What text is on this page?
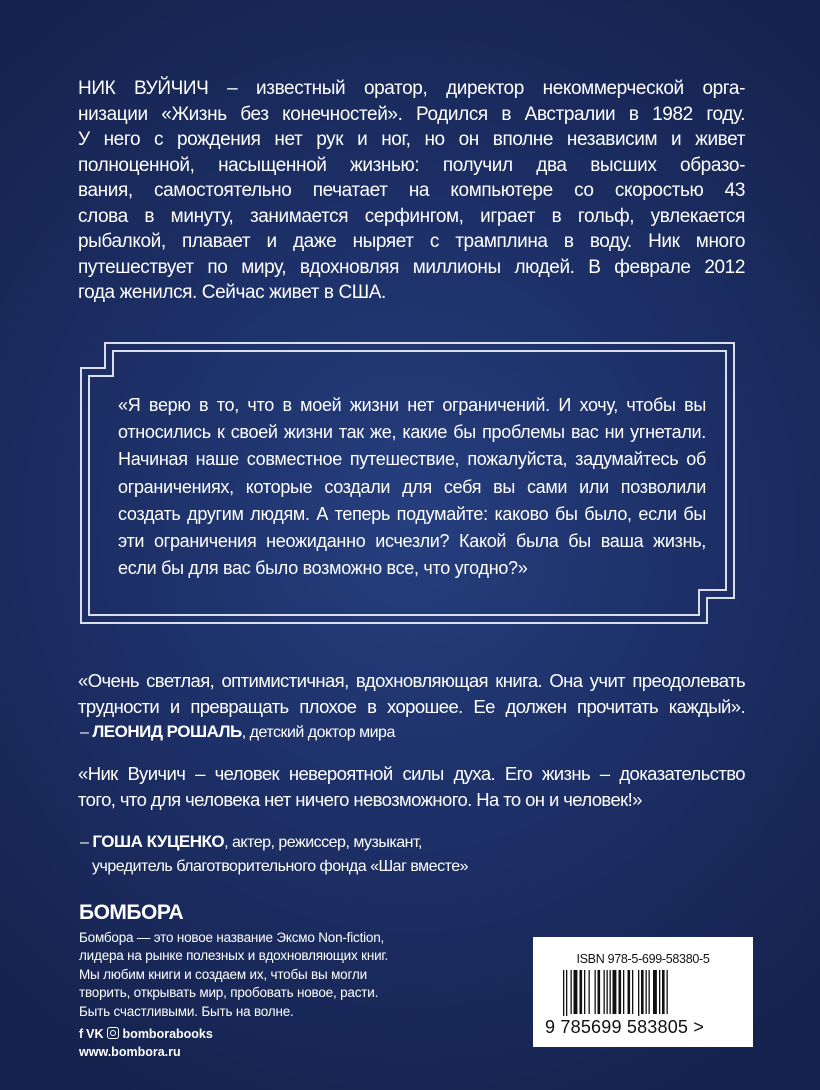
НИК ВУЙЧИЧ – известный оратор, директор некоммерческой орга-
низации «Жизнь без конечностей». Родился в Австралии в 1982 году.
У него с рождения нет рук и ног, но он вполне независим и живет
полноценной, насыщенной жизнью: получил два высших образо-
вания, самостоятельно печатает на компьютере со скоростью 43
слова в минуту, занимается серфингом, играет в гольф, увлекается
рыбалкой, плавает и даже ныряет с трамплина в воду. Ник много
путешествует по миру, вдохновляя миллионы людей. В феврале 2012
года женился. Сейчас живет в США.
«Я верю в то, что в моей жизни нет ограничений. И хочу, чтобы вы
относились к своей жизни так же, какие бы проблемы вас ни угнетали.
Начиная наше совместное путешествие, пожалуйста, задумайтесь об
ограничениях, которые создали для себя вы сами или позволили
создать другим людям. А теперь подумайте: каково бы было, если бы
эти ограничения неожиданно исчезли? Какой была бы ваша жизнь,
если бы для вас было возможно все, что угодно?»
«Очень светлая, оптимистичная, вдохновляющая книга. Она учит преодолевать
трудности и превращать плохое в хорошее. Ее должен прочитать каждый».
– ЛЕОНИД РОШАЛЬ, детский доктор мира
«Ник Вуичич – человек невероятной силы духа. Его жизнь – доказательство
того, что для человека нет ничего невозможного. На то он и человек!»
– ГОША КУЦЕНКО, актер, режиссер, музыкант,
учредитель благотворительного фонда «Шаг вместе»
БОМБОРА
Бомбора — это новое название Эксмо Non-fiction,
лидера на рынке полезных и вдохновляющих книг.
Мы любим книги и создаем их, чтобы вы могли
творить, открывать мир, пробовать новое, расти.
Быть счастливыми. Быть на волне.
f VK bomborabooks
www.bombora.ru
ISBN 978-5-699-58380-5
9 785699 583805 >
